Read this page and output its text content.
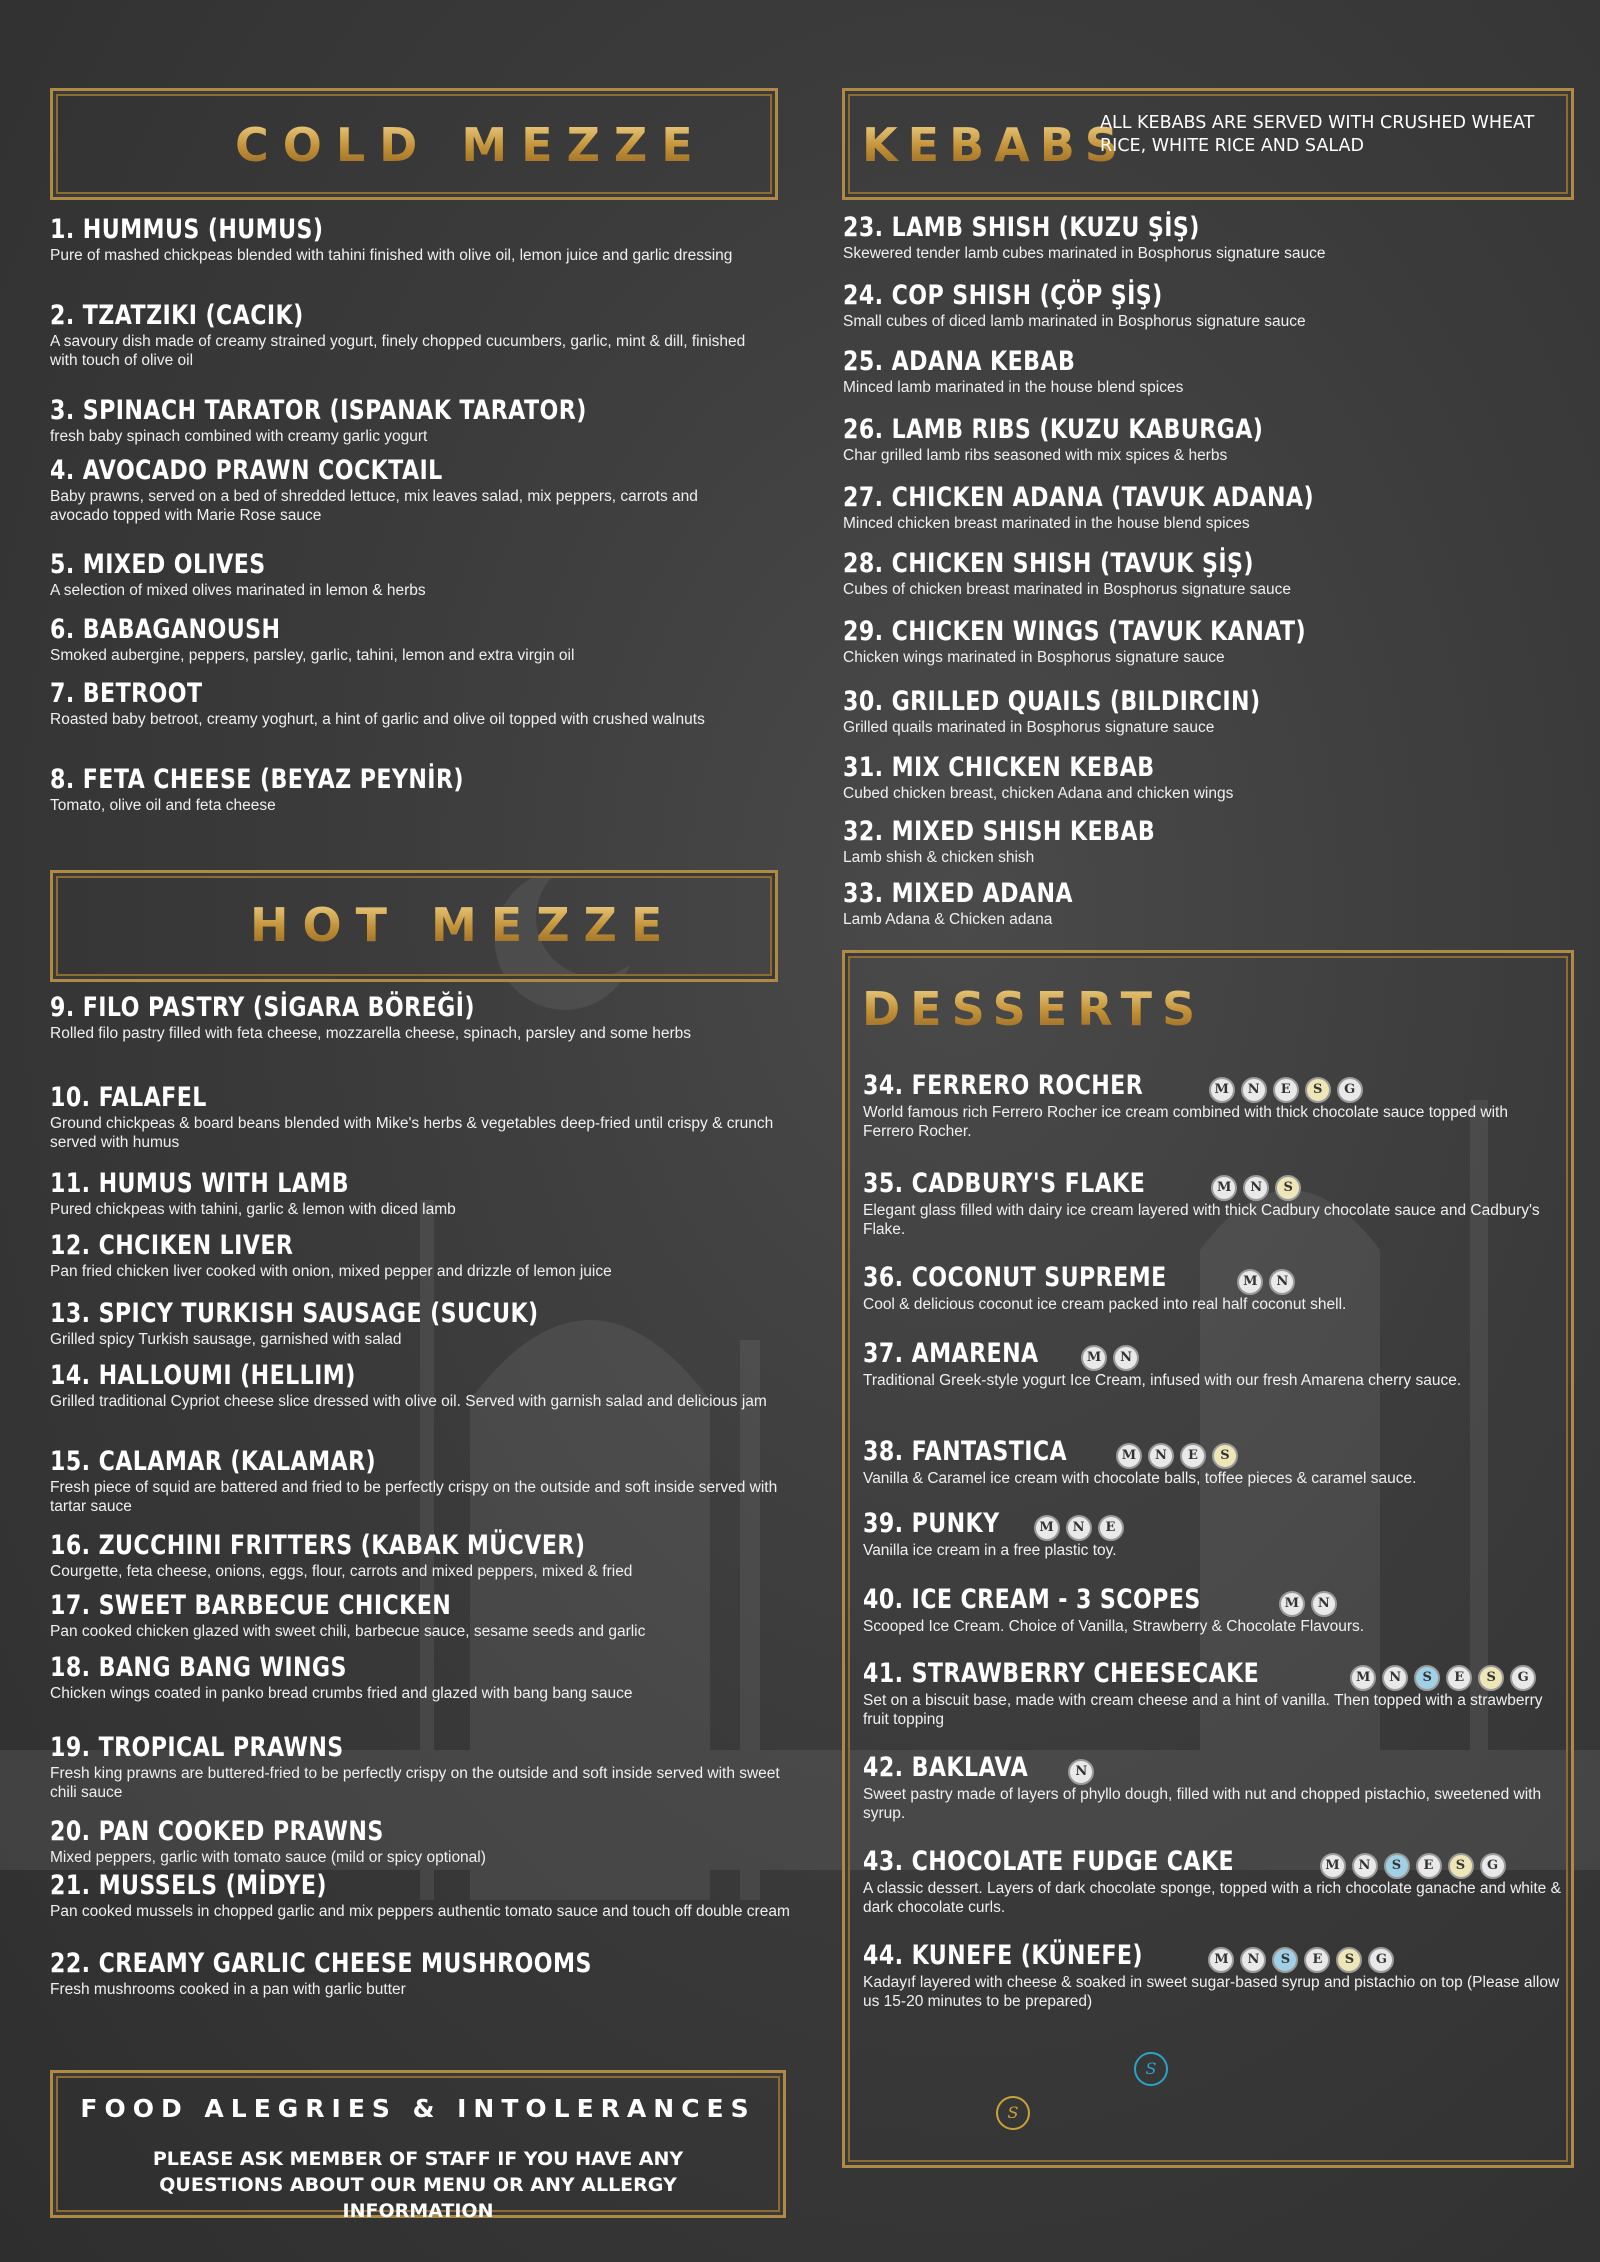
COLD MEZZE
HOT MEZZE
FOOD ALEGRIES & INTOLERANCES
PLEASE ASK MEMBER OF STAFF IF YOU HAVE ANY QUESTIONS ABOUT OUR MENU OR ANY ALLERGY INFORMATION
KEBABS
ALL KEBABS ARE SERVED WITH CRUSHED WHEAT RICE, WHITE RICE AND SALAD
DESSERTS
1. HUMMUS (HUMUS)
Pure of mashed chickpeas blended with tahini finished with olive oil, lemon juice and garlic dressing
2. TZATZIKI (CACIK)
A savoury dish made of creamy strained yogurt, finely chopped cucumbers, garlic, mint & dill, finished with touch of olive oil
3. SPINACH TARATOR (ISPANAK TARATOR)
fresh baby spinach combined with creamy garlic yogurt
4. AVOCADO PRAWN COCKTAIL
Baby prawns, served on a bed of shredded lettuce, mix leaves salad, mix peppers, carrots and avocado topped with Marie Rose sauce
5. MIXED OLIVES
A selection of mixed olives marinated in lemon & herbs
6. BABAGANOUSH
Smoked aubergine, peppers, parsley, garlic, tahini, lemon and extra virgin oil
7. BETROOT
Roasted baby betroot, creamy yoghurt, a hint of garlic and olive oil topped with crushed walnuts
8. FETA CHEESE (BEYAZ PEYNİR)
Tomato, olive oil and feta cheese
9. FILO PASTRY (SİGARA BÖREĞİ)
Rolled filo pastry filled with feta cheese, mozzarella cheese, spinach, parsley and some herbs
10. FALAFEL
Ground chickpeas & board beans blended with Mike's herbs & vegetables deep-fried until crispy & crunch served with humus
11. HUMUS WITH LAMB
Pured chickpeas with tahini, garlic & lemon with diced lamb
12. CHCIKEN LIVER
Pan fried chicken liver cooked with onion, mixed pepper and drizzle of lemon juice
13. SPICY TURKISH SAUSAGE (SUCUK)
Grilled spicy Turkish sausage, garnished with salad
14. HALLOUMI (HELLIM)
Grilled traditional Cypriot cheese slice dressed with olive oil. Served with garnish salad and delicious jam
15. CALAMAR (KALAMAR)
Fresh piece of squid are battered and fried to be perfectly crispy on the outside and soft inside served with tartar sauce
16. ZUCCHINI FRITTERS (KABAK MÜCVER)
Courgette, feta cheese, onions, eggs, flour, carrots and mixed peppers, mixed & fried
17. SWEET BARBECUE CHICKEN
Pan cooked chicken glazed with sweet chili, barbecue sauce, sesame seeds and garlic
18. BANG BANG WINGS
Chicken wings coated in panko bread crumbs fried and glazed with bang bang sauce
19. TROPICAL PRAWNS
Fresh king prawns are buttered-fried to be perfectly crispy on the outside and soft inside served with sweet chili sauce
20. PAN COOKED PRAWNS
Mixed peppers, garlic with tomato sauce (mild or spicy optional)
21. MUSSELS (MİDYE)
Pan cooked mussels in chopped garlic and mix peppers authentic tomato sauce and touch off double cream
22. CREAMY GARLIC CHEESE MUSHROOMS
Fresh mushrooms cooked in a pan with garlic butter
23. LAMB SHISH (KUZU ŞİŞ)
Skewered tender lamb cubes marinated in Bosphorus signature sauce
24. COP SHISH (ÇÖP ŞİŞ)
Small cubes of diced lamb marinated in Bosphorus signature sauce
25. ADANA KEBAB
Minced lamb marinated in the house blend spices
26. LAMB RIBS (KUZU KABURGA)
Char grilled lamb ribs seasoned with mix spices & herbs
27. CHICKEN ADANA (TAVUK ADANA)
Minced chicken breast marinated in the house blend spices
28. CHICKEN SHISH (TAVUK ŞİŞ)
Cubes of chicken breast marinated in Bosphorus signature sauce
29. CHICKEN WINGS (TAVUK KANAT)
Chicken wings marinated in Bosphorus signature sauce
30. GRILLED QUAILS (BILDIRCIN)
Grilled quails marinated in Bosphorus signature sauce
31. MIX CHICKEN KEBAB
Cubed chicken breast, chicken Adana and chicken wings
32. MIXED SHISH KEBAB
Lamb shish & chicken shish
33. MIXED ADANA
Lamb Adana & Chicken adana
34. FERRERO ROCHER	M	N	E	S	G
World famous rich Ferrero Rocher ice cream combined with thick chocolate sauce topped with Ferrero Rocher.
35. CADBURY'S FLAKE	M	N	S
Elegant glass filled with dairy ice cream layered with thick Cadbury chocolate sauce and Cadbury's Flake.
36. COCONUT SUPREME	M	N
Cool & delicious coconut ice cream packed into real half coconut shell.
37. AMARENA	M	N
Traditional Greek-style yogurt Ice Cream, infused with our fresh Amarena cherry sauce.
38. FANTASTICA	M	N	E	S
Vanilla & Caramel ice cream with chocolate balls, toffee pieces & caramel sauce.
39. PUNKY	M	N	E
Vanilla ice cream in a free plastic toy.
40. ICE CREAM - 3 SCOPES	M	N
Scooped Ice Cream. Choice of Vanilla, Strawberry & Chocolate Flavours.
41. STRAWBERRY CHEESECAKE	M	N	S	E	S	G
Set on a biscuit base, made with cream cheese and a hint of vanilla. Then topped with a strawberry fruit topping
42. BAKLAVA	N
Sweet pastry made of layers of phyllo dough, filled with nut and chopped pistachio, sweetened with syrup.
43. CHOCOLATE FUDGE CAKE	M	N	S	E	S	G
A classic dessert. Layers of dark chocolate sponge, topped with a rich chocolate ganache and white & dark chocolate curls.
44. KUNEFE (KÜNEFE)	M	N	S	E	S	G
Kadayıf layered with cheese & soaked in sweet sugar-based syrup and pistachio on top (Please allow us 15-20 minutes to be prepared)
S
S
